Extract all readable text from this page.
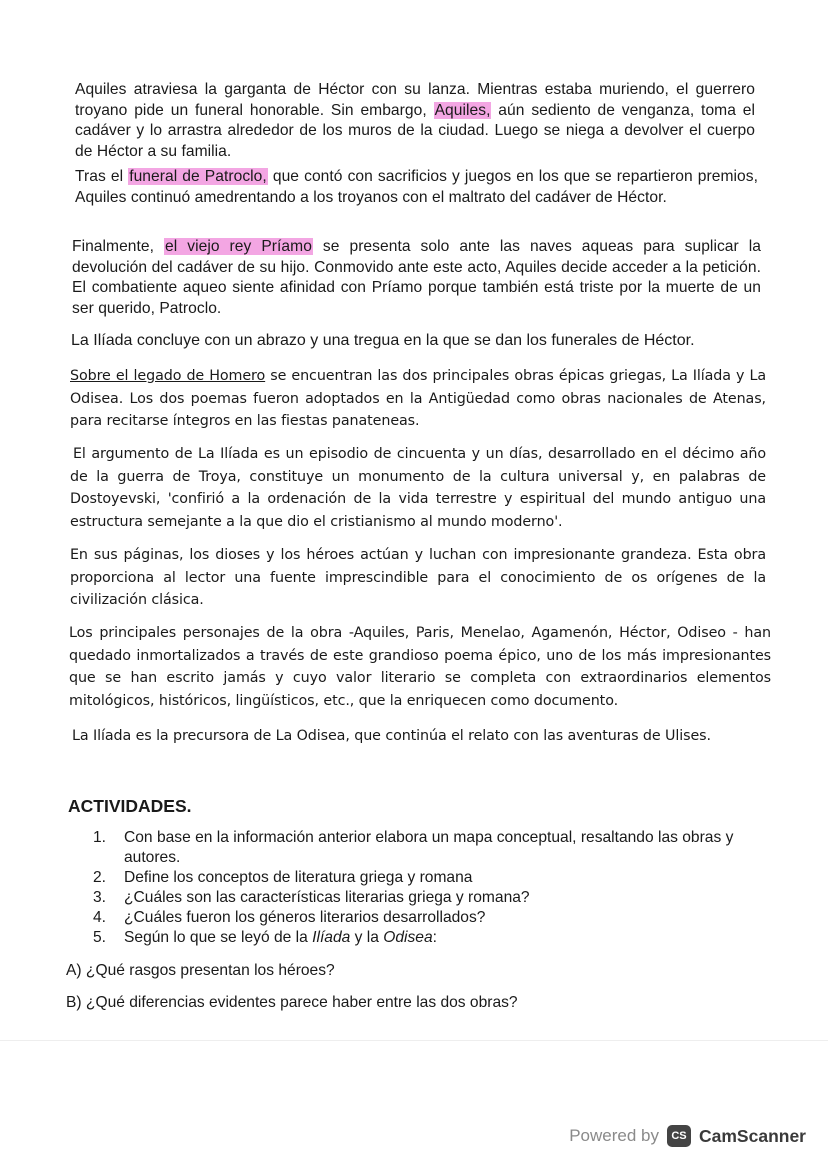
Aquiles atraviesa la garganta de Héctor con su lanza. Mientras estaba muriendo, el guerrero troyano pide un funeral honorable. Sin embargo, Aquiles, aún sediento de venganza, toma el cadáver y lo arrastra alrededor de los muros de la ciudad. Luego se niega a devolver el cuerpo de Héctor a su familia.

Tras el funeral de Patroclo, que contó con sacrificios y juegos en los que se repartieron premios, Aquiles continuó amedrentando a los troyanos con el maltrato del cadáver de Héctor.

Finalmente, el viejo rey Príamo se presenta solo ante las naves aqueas para suplicar la devolución del cadáver de su hijo. Conmovido ante este acto, Aquiles decide acceder a la petición. El combatiente aqueo siente afinidad con Príamo porque también está triste por la muerte de un ser querido, Patroclo.

La Ilíada concluye con un abrazo y una tregua en la que se dan los funerales de Héctor.

Sobre el legado de Homero se encuentran las dos principales obras épicas griegas, La Ilíada y La Odisea. Los dos poemas fueron adoptados en la Antigüedad como obras nacionales de Atenas, para recitarse íntegros en las fiestas panateneas.

El argumento de La Ilíada es un episodio de cincuenta y un días, desarrollado en el décimo año de la guerra de Troya, constituye un monumento de la cultura universal y, en palabras de Dostoyevski, 'confirió a la ordenación de la vida terrestre y espiritual del mundo antiguo una estructura semejante a la que dio el cristianismo al mundo moderno'.

En sus páginas, los dioses y los héroes actúan y luchan con impresionante grandeza. Esta obra proporciona al lector una fuente imprescindible para el conocimiento de os orígenes de la civilización clásica.

Los principales personajes de la obra -Aquiles, Paris, Menelao, Agamenón, Héctor, Odiseo - han quedado inmortalizados a través de este grandioso poema épico, uno de los más impresionantes que se han escrito jamás y cuyo valor literario se completa con extraordinarios elementos mitológicos, históricos, lingüísticos, etc., que la enriquecen como documento.

La Ilíada es la precursora de La Odisea, que continúa el relato con las aventuras de Ulises.

ACTIVIDADES.
1. Con base en la información anterior elabora un mapa conceptual, resaltando las obras y autores.
2. Define los conceptos de literatura griega y romana
3. ¿Cuáles son las características literarias griega y romana?
4. ¿Cuáles fueron los géneros literarios desarrollados?
5. Según lo que se leyó de la Ilíada y la Odisea:

A) ¿Qué rasgos presentan los héroes?

B) ¿Qué diferencias evidentes parece haber entre las dos obras?

Powered by	CS CamScanner
